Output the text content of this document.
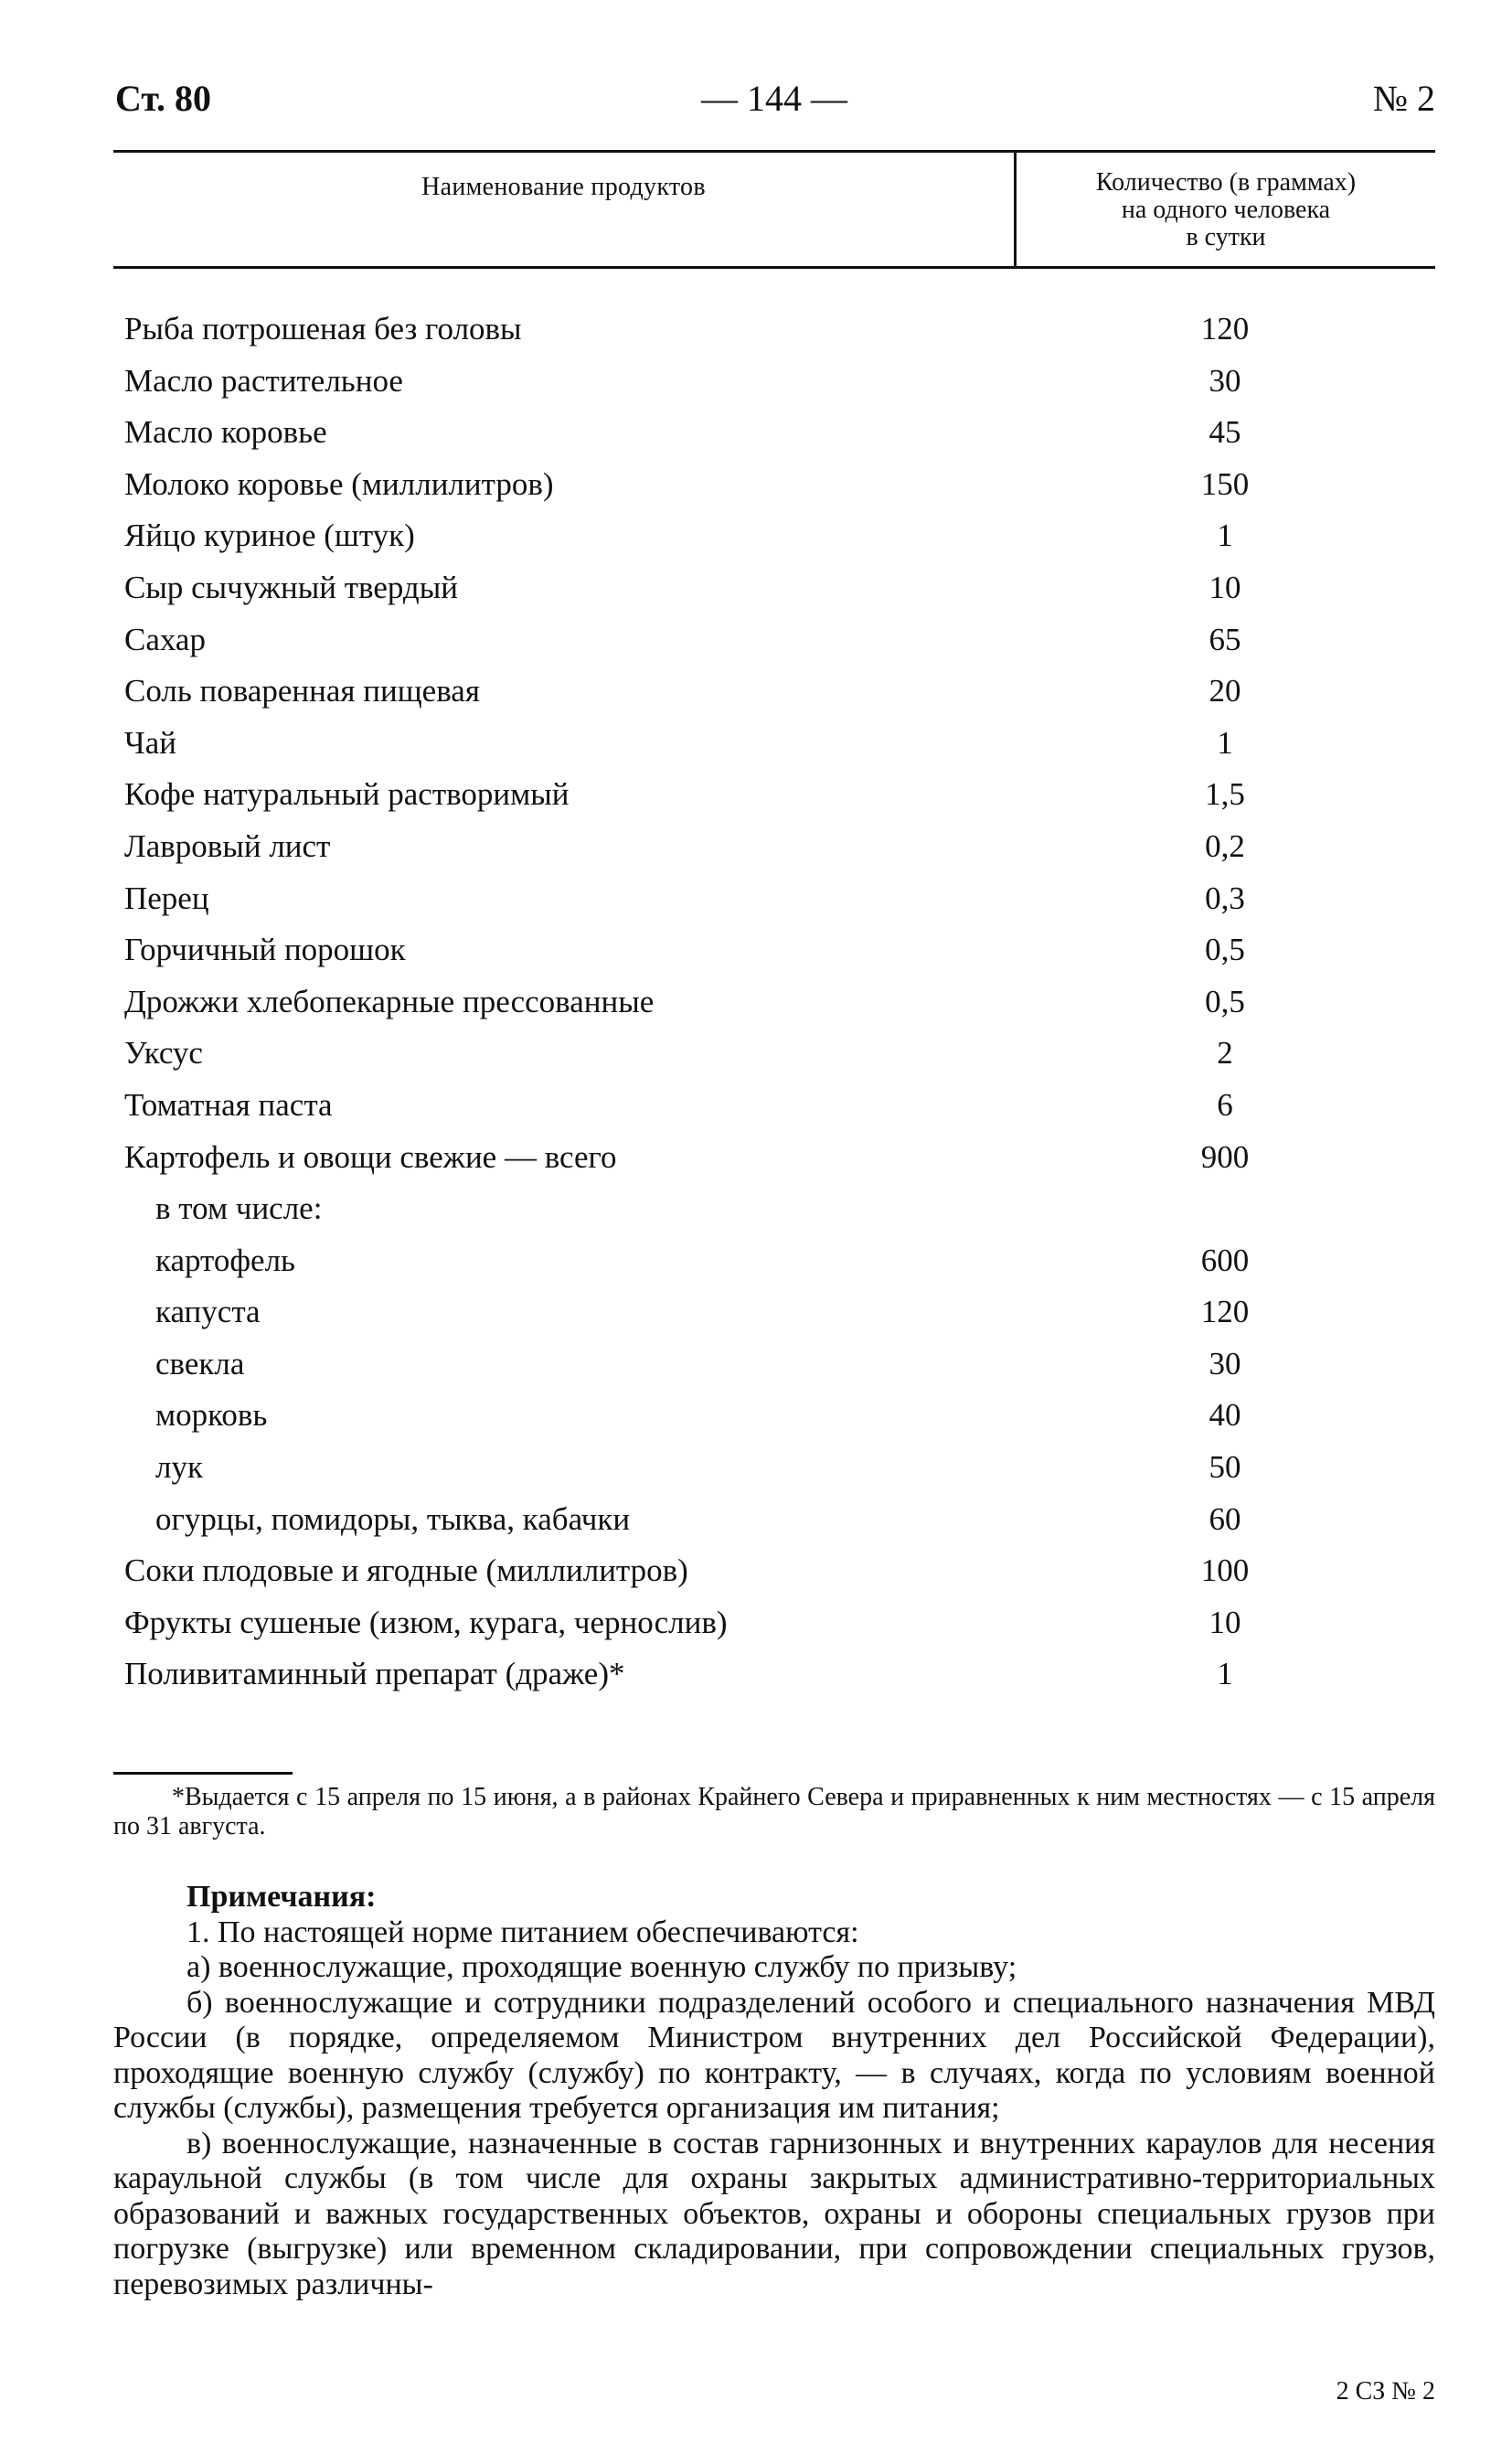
Ст. 80	— 144 —	№ 2
Наименование продуктов	Количество (в граммах)
на одного человека
в сутки
Рыба потрошеная без головы	120
Масло растительное	30
Масло коровье	45
Молоко коровье (миллилитров)	150
Яйцо куриное (штук)	1
Сыр сычужный твердый	10
Сахар	65
Соль поваренная пищевая	20
Чай	1
Кофе натуральный растворимый	1,5
Лавровый лист	0,2
Перец	0,3
Горчичный порошок	0,5
Дрожжи хлебопекарные прессованные	0,5
Уксус	2
Томатная паста	6
Картофель и овощи свежие — всего	900
в том числе:
картофель	600
капуста	120
свекла	30
морковь	40
лук	50
огурцы, помидоры, тыква, кабачки	60
Соки плодовые и ягодные (миллилитров)	100
Фрукты сушеные (изюм, курага, чернослив)	10
Поливитаминный препарат (драже)*	1
*Выдается с 15 апреля по 15 июня, а в районах Крайнего Севера и приравненных к ним местностях — с 15 апреля по 31 августа.

Примечания:

1. По настоящей норме питанием обеспечиваются:

а) военнослужащие, проходящие военную службу по призыву;

б) военнослужащие и сотрудники подразделений особого и специального назначения МВД России (в порядке, определяемом Министром внутренних дел Российской Федерации), проходящие военную службу (службу) по контракту, — в случаях, когда по условиям военной службы (службы), размещения требуется организация им питания;

в) военнослужащие, назначенные в состав гарнизонных и внутренних караулов для несения караульной службы (в том числе для охраны закрытых административно-территориальных образований и важных государственных объектов, охраны и обороны специальных грузов при погрузке (выгрузке) или временном складировании, при сопровождении специальных грузов, перевозимых различны-

2 СЗ № 2
